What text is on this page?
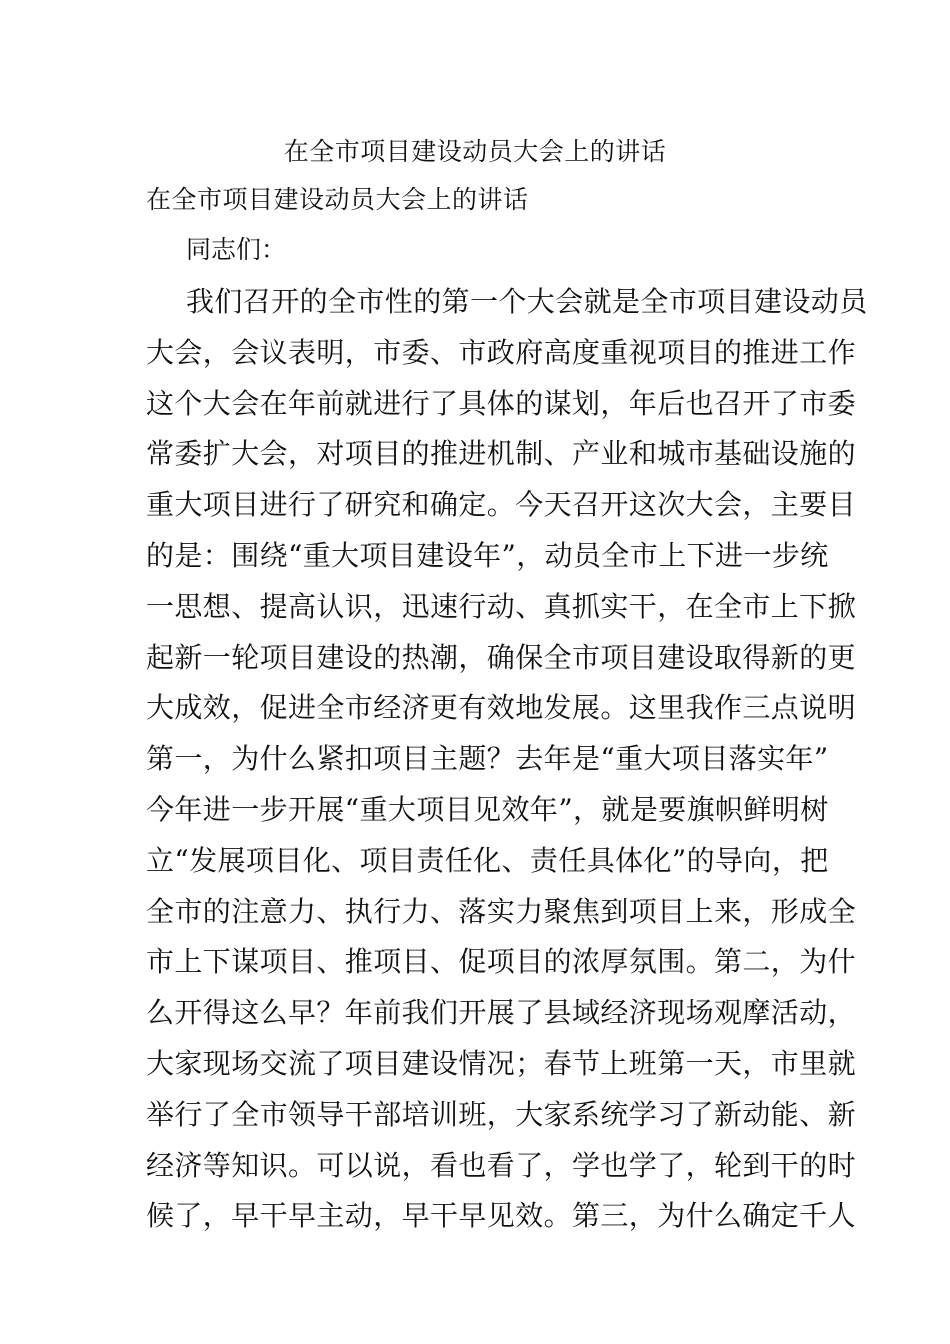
在全市项目建设动员大会上的讲话
在全市项目建设动员大会上的讲话
同志们：
我们召开的全市性的第一个大会就是全市项目建设动员
大会，会议表明，市委、市政府高度重视项目的推进工作
这个大会在年前就进行了具体的谋划，年后也召开了市委
常委扩大会，对项目的推进机制、产业和城市基础设施的
重大项目进行了研究和确定。今天召开这次大会，主要目
的是：围绕“重大项目建设年”，动员全市上下进一步统
一思想、提高认识，迅速行动、真抓实干，在全市上下掀
起新一轮项目建设的热潮，确保全市项目建设取得新的更
大成效，促进全市经济更有效地发展。这里我作三点说明
第一，为什么紧扣项目主题？去年是“重大项目落实年”
今年进一步开展“重大项目见效年”，就是要旗帜鲜明树
立“发展项目化、项目责任化、责任具体化”的导向，把
全市的注意力、执行力、落实力聚焦到项目上来，形成全
市上下谋项目、推项目、促项目的浓厚氛围。第二，为什
么开得这么早？年前我们开展了县域经济现场观摩活动，
大家现场交流了项目建设情况；春节上班第一天，市里就
举行了全市领导干部培训班，大家系统学习了新动能、新
经济等知识。可以说，看也看了，学也学了，轮到干的时
候了，早干早主动，早干早见效。第三，为什么确定千人
